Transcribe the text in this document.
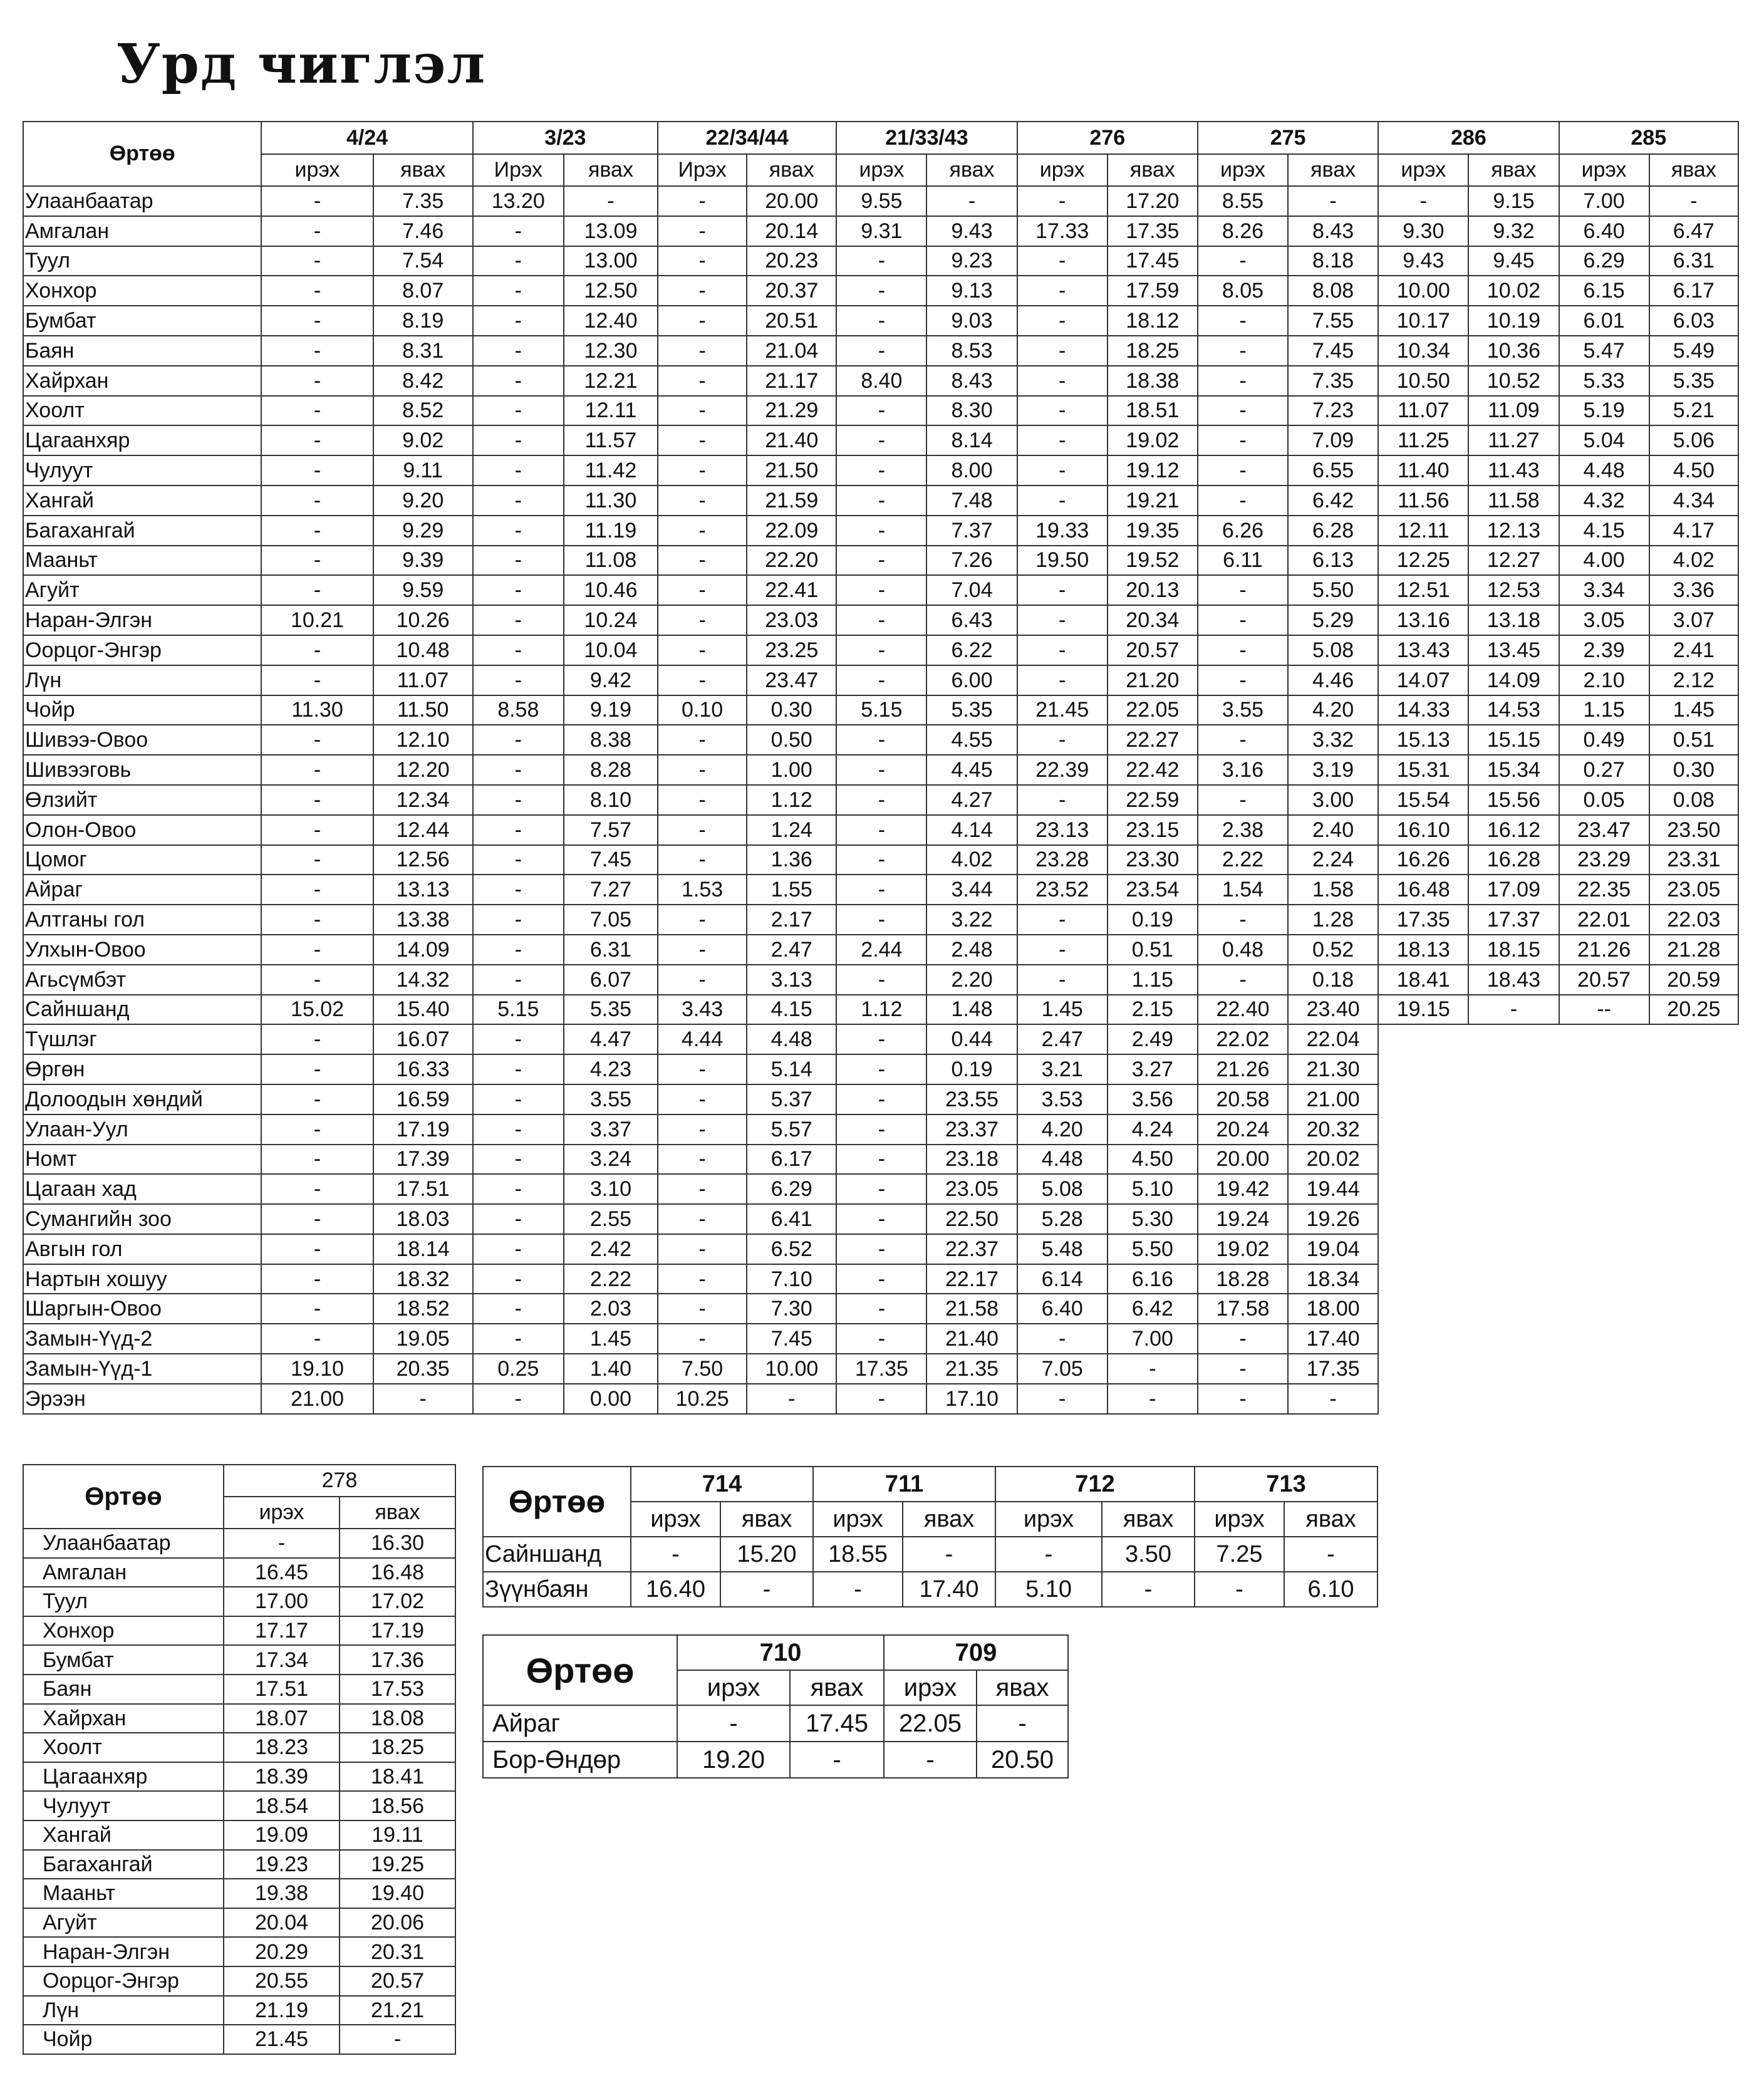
Урд чиглэл
Өртөө	4/24		3/23		22/34/44		21/33/43		276		275		286		285	
	ирэх	явах	Ирэх	явах	Ирэх	явах	ирэх	явах	ирэх	явах	ирэх	явах	ирэх	явах	ирэх	явах
Улаанбаатар	-	7.35	13.20	-	-	20.00	9.55	-	-	17.20	8.55	-	-	9.15	7.00	-
Амгалан	-	7.46	-	13.09	-	20.14	9.31	9.43	17.33	17.35	8.26	8.43	9.30	9.32	6.40	6.47
Туул	-	7.54	-	13.00	-	20.23	-	9.23	-	17.45	-	8.18	9.43	9.45	6.29	6.31
Хонхор	-	8.07	-	12.50	-	20.37	-	9.13	-	17.59	8.05	8.08	10.00	10.02	6.15	6.17
Бумбат	-	8.19	-	12.40	-	20.51	-	9.03	-	18.12	-	7.55	10.17	10.19	6.01	6.03
Баян	-	8.31	-	12.30	-	21.04	-	8.53	-	18.25	-	7.45	10.34	10.36	5.47	5.49
Хайрхан	-	8.42	-	12.21	-	21.17	8.40	8.43	-	18.38	-	7.35	10.50	10.52	5.33	5.35
Хоолт	-	8.52	-	12.11	-	21.29	-	8.30	-	18.51	-	7.23	11.07	11.09	5.19	5.21
Цагаанхяр	-	9.02	-	11.57	-	21.40	-	8.14	-	19.02	-	7.09	11.25	11.27	5.04	5.06
Чулуут	-	9.11	-	11.42	-	21.50	-	8.00	-	19.12	-	6.55	11.40	11.43	4.48	4.50
Хангай	-	9.20	-	11.30	-	21.59	-	7.48	-	19.21	-	6.42	11.56	11.58	4.32	4.34
Багахангай	-	9.29	-	11.19	-	22.09	-	7.37	19.33	19.35	6.26	6.28	12.11	12.13	4.15	4.17
Мааньт	-	9.39	-	11.08	-	22.20	-	7.26	19.50	19.52	6.11	6.13	12.25	12.27	4.00	4.02
Агуйт	-	9.59	-	10.46	-	22.41	-	7.04	-	20.13	-	5.50	12.51	12.53	3.34	3.36
Наран-Элгэн	10.21	10.26	-	10.24	-	23.03	-	6.43	-	20.34	-	5.29	13.16	13.18	3.05	3.07
Оорцог-Энгэр	-	10.48	-	10.04	-	23.25	-	6.22	-	20.57	-	5.08	13.43	13.45	2.39	2.41
Лүн	-	11.07	-	9.42	-	23.47	-	6.00	-	21.20	-	4.46	14.07	14.09	2.10	2.12
Чойр	11.30	11.50	8.58	9.19	0.10	0.30	5.15	5.35	21.45	22.05	3.55	4.20	14.33	14.53	1.15	1.45
Шивээ-Овоо	-	12.10	-	8.38	-	0.50	-	4.55	-	22.27	-	3.32	15.13	15.15	0.49	0.51
Шивээговь	-	12.20	-	8.28	-	1.00	-	4.45	22.39	22.42	3.16	3.19	15.31	15.34	0.27	0.30
Өлзийт	-	12.34	-	8.10	-	1.12	-	4.27	-	22.59	-	3.00	15.54	15.56	0.05	0.08
Олон-Овоо	-	12.44	-	7.57	-	1.24	-	4.14	23.13	23.15	2.38	2.40	16.10	16.12	23.47	23.50
Цомог	-	12.56	-	7.45	-	1.36	-	4.02	23.28	23.30	2.22	2.24	16.26	16.28	23.29	23.31
Айраг	-	13.13	-	7.27	1.53	1.55	-	3.44	23.52	23.54	1.54	1.58	16.48	17.09	22.35	23.05
Алтганы гол	-	13.38	-	7.05	-	2.17	-	3.22	-	0.19	-	1.28	17.35	17.37	22.01	22.03
Улхын-Овоо	-	14.09	-	6.31	-	2.47	2.44	2.48	-	0.51	0.48	0.52	18.13	18.15	21.26	21.28
Агьсүмбэт	-	14.32	-	6.07	-	3.13	-	2.20	-	1.15	-	0.18	18.41	18.43	20.57	20.59
Сайншанд	15.02	15.40	5.15	5.35	3.43	4.15	1.12	1.48	1.45	2.15	22.40	23.40	19.15	-	--	20.25
Түшлэг	-	16.07	-	4.47	4.44	4.48	-	0.44	2.47	2.49	22.02	22.04				
Өргөн	-	16.33	-	4.23	-	5.14	-	0.19	3.21	3.27	21.26	21.30				
Долоодын хөндий	-	16.59	-	3.55	-	5.37	-	23.55	3.53	3.56	20.58	21.00				
Улаан-Уул	-	17.19	-	3.37	-	5.57	-	23.37	4.20	4.24	20.24	20.32				
Номт	-	17.39	-	3.24	-	6.17	-	23.18	4.48	4.50	20.00	20.02				
Цагаан хад	-	17.51	-	3.10	-	6.29	-	23.05	5.08	5.10	19.42	19.44				
Сумангийн зоо	-	18.03	-	2.55	-	6.41	-	22.50	5.28	5.30	19.24	19.26				
Авгын гол	-	18.14	-	2.42	-	6.52	-	22.37	5.48	5.50	19.02	19.04				
Нартын хошуу	-	18.32	-	2.22	-	7.10	-	22.17	6.14	6.16	18.28	18.34				
Шаргын-Овоо	-	18.52	-	2.03	-	7.30	-	21.58	6.40	6.42	17.58	18.00				
Замын-Үүд-2	-	19.05	-	1.45	-	7.45	-	21.40	-	7.00	-	17.40				
Замын-Үүд-1	19.10	20.35	0.25	1.40	7.50	10.00	17.35	21.35	7.05	-	-	17.35				
Эрээн	21.00	-	-	0.00	10.25	-	-	17.10	-	-	-	-				
Өртөө	278	
	ирэх	явах
Улаанбаатар	-	16.30
Амгалан	16.45	16.48
Туул	17.00	17.02
Хонхор	17.17	17.19
Бумбат	17.34	17.36
Баян	17.51	17.53
Хайрхан	18.07	18.08
Хоолт	18.23	18.25
Цагаанхяр	18.39	18.41
Чулуут	18.54	18.56
Хангай	19.09	19.11
Багахангай	19.23	19.25
Мааньт	19.38	19.40
Агуйт	20.04	20.06
Наран-Элгэн	20.29	20.31
Оорцог-Энгэр	20.55	20.57
Лүн	21.19	21.21
Чойр	21.45	-
Өртөө	714		711		712		713	
	ирэх	явах	ирэх	явах	ирэх	явах	ирэх	явах
Сайншанд	-	15.20	18.55	-	-	3.50	7.25	-
Зүүнбаян	16.40	-	-	17.40	5.10	-	-	6.10
Өртөө	710		709	
	ирэх	явах	ирэх	явах
Айраг	-	17.45	22.05	-
Бор-Өндөр	19.20	-	-	20.50
